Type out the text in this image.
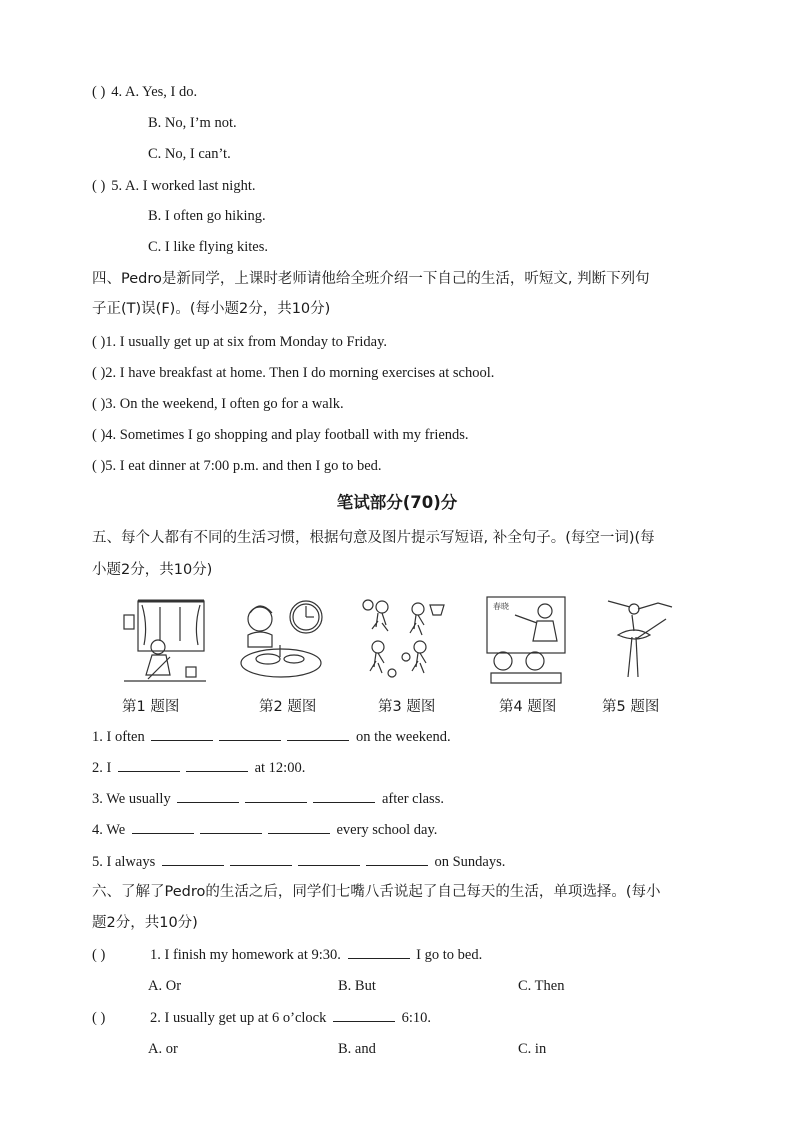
( ) 4. A. Yes, I do.
B. No, I’m not.
C. No, I can’t.
( ) 5. A. I worked last night.
B. I often go hiking.
C. I like flying kites.
四、Pedro是新同学，上课时老师请他给全班介绍一下自己的生活，听短文, 判断下列句
子正(T)误(F)。(每小题2分，共10分)
( )1. I usually get up at six from Monday to Friday.
( )2. I have breakfast at home. Then I do morning exercises at school.
( )3. On the weekend, I often go for a walk.
( )4. Sometimes I go shopping and play football with my friends.
( )5. I eat dinner at 7:00 p.m. and then I go to bed.
笔试部分(70)分
五、每个人都有不同的生活习惯，根据句意及图片提示写短语, 补全句子。(每空一词)(每
小题2分，共10分)
春晓
第1 题图	第2 题图	第3 题图	第4 题图	第5 题图
1. I often	on the weekend.
2. I	at 12:00.
3. We usually	after class.
4. We	every school day.
5. I always	on Sundays.
六、了解了Pedro的生活之后，同学们七嘴八舌说起了自己每天的生活，单项选择。(每小
题2分，共10分)
( )	1. I finish my homework at 9:30.	I go to bed.
A. Or	B. But	C. Then
( )	2. I usually get up at 6 o’clock	6:10.
A. or	B. and	C. in
